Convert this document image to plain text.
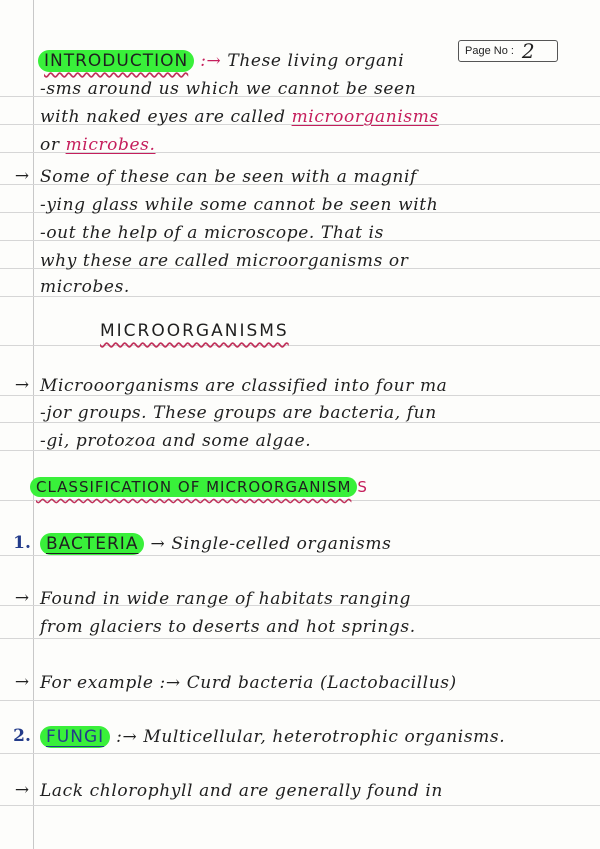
Page No : 2
INTRODUCTION :→ These living organi
-sms around us which we cannot be seen
with naked eyes are called microorganisms
or microbes.
→ Some of these can be seen with a magnif
-ying glass while some cannot be seen with
-out the help of a microscope. That is
why these are called microorganisms or
microbes.
MICROORGANISMS
→ Microoorganisms are classified into four ma
-jor groups. These groups are bacteria, fun
-gi, protozoa and some algae.
CLASSIFICATION OF MICROORGANISM S
1. BACTERIA → Single-celled organisms
→ Found in wide range of habitats ranging
from glaciers to deserts and hot springs.
→ For example :→ Curd bacteria (Lactobacillus)
2. FUNGI :→ Multicellular, heterotrophic organisms.
→ Lack chlorophyll and are generally found in
